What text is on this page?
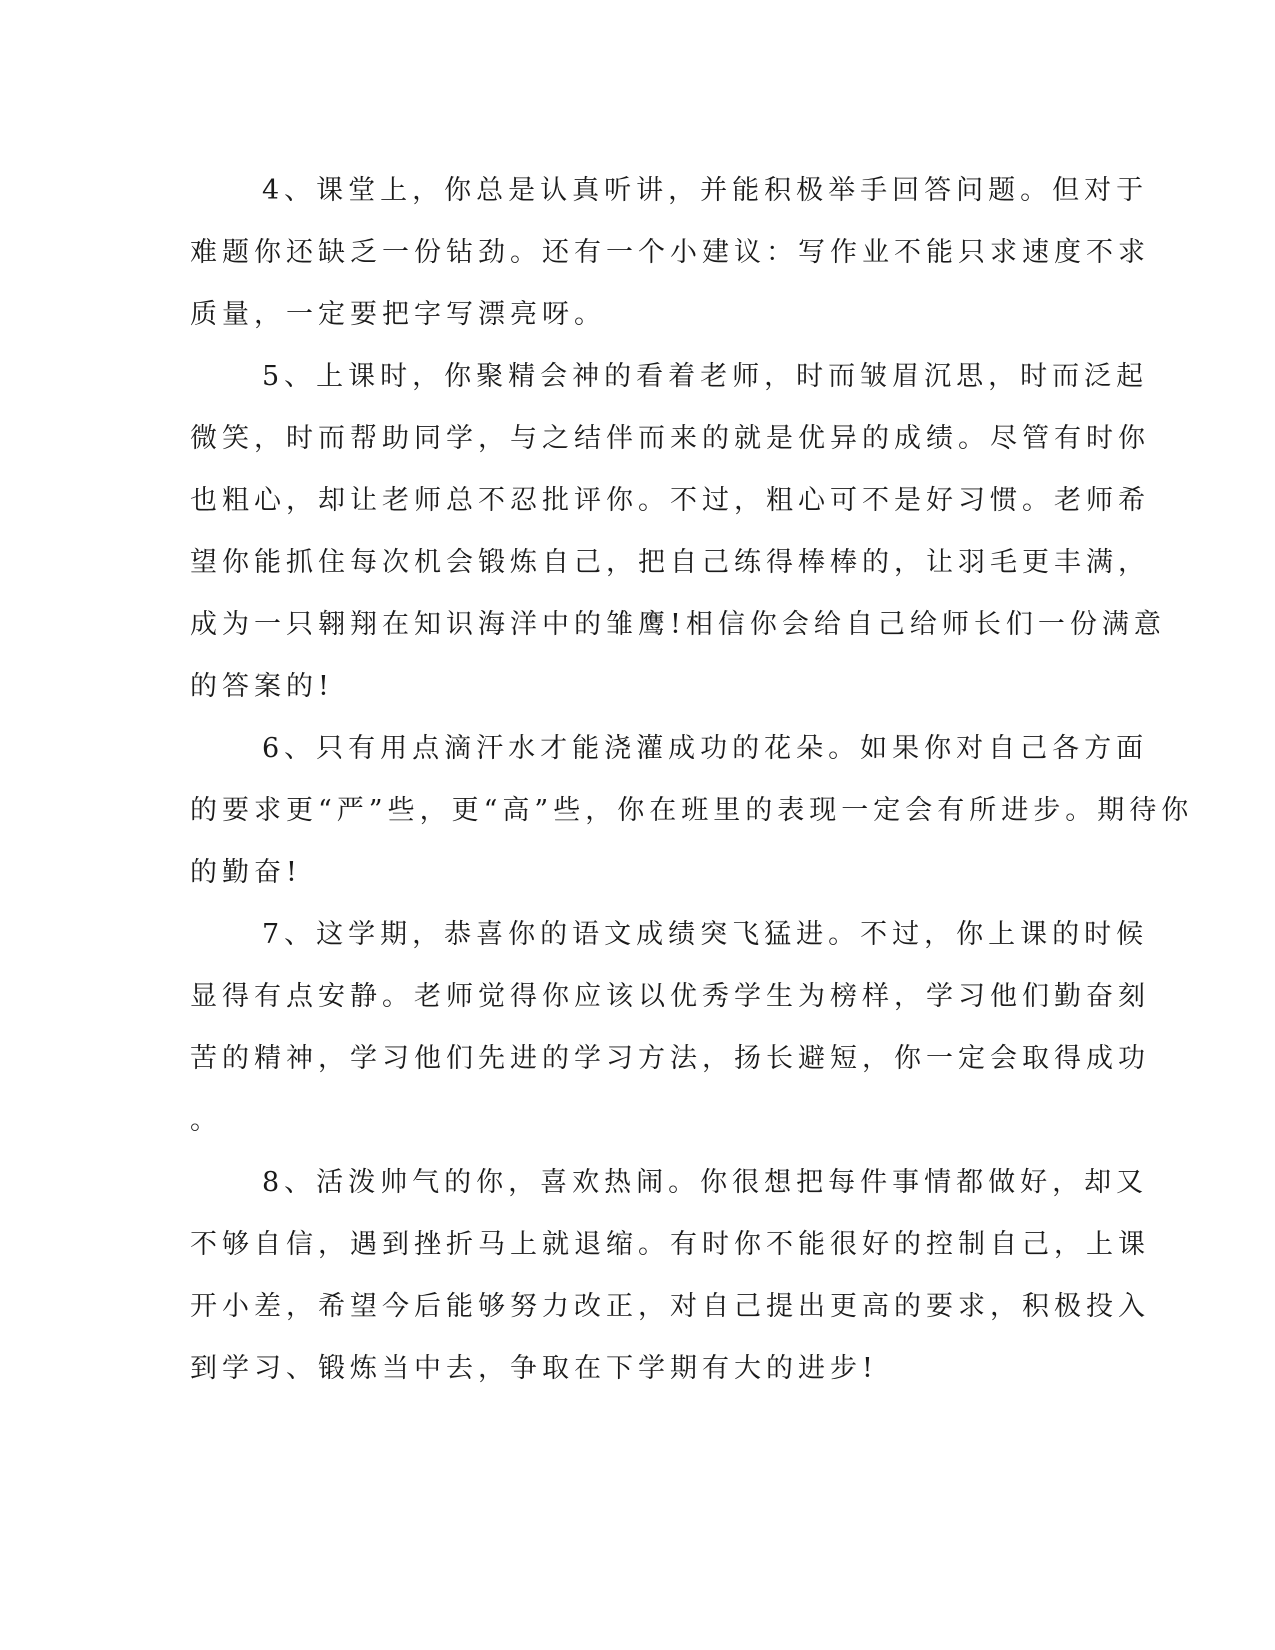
4、课堂上，你总是认真听讲，并能积极举手回答问题。但对于
难题你还缺乏一份钻劲。还有一个小建议：写作业不能只求速度不求
质量，一定要把字写漂亮呀。

5、上课时，你聚精会神的看着老师，时而皱眉沉思，时而泛起
微笑，时而帮助同学，与之结伴而来的就是优异的成绩。尽管有时你
也粗心，却让老师总不忍批评你。不过，粗心可不是好习惯。老师希
望你能抓住每次机会锻炼自己，把自己练得棒棒的，让羽毛更丰满，
成为一只翱翔在知识海洋中的雏鹰!相信你会给自己给师长们一份满意
的答案的!

6、只有用点滴汗水才能浇灌成功的花朵。如果你对自己各方面
的要求更“严”些，更“高”些，你在班里的表现一定会有所进步。期待你
的勤奋!

7、这学期，恭喜你的语文成绩突飞猛进。不过，你上课的时候
显得有点安静。老师觉得你应该以优秀学生为榜样，学习他们勤奋刻
苦的精神，学习他们先进的学习方法，扬长避短，你一定会取得成功
。

8、活泼帅气的你，喜欢热闹。你很想把每件事情都做好，却又
不够自信，遇到挫折马上就退缩。有时你不能很好的控制自己，上课
开小差，希望今后能够努力改正，对自己提出更高的要求，积极投入
到学习、锻炼当中去，争取在下学期有大的进步!
